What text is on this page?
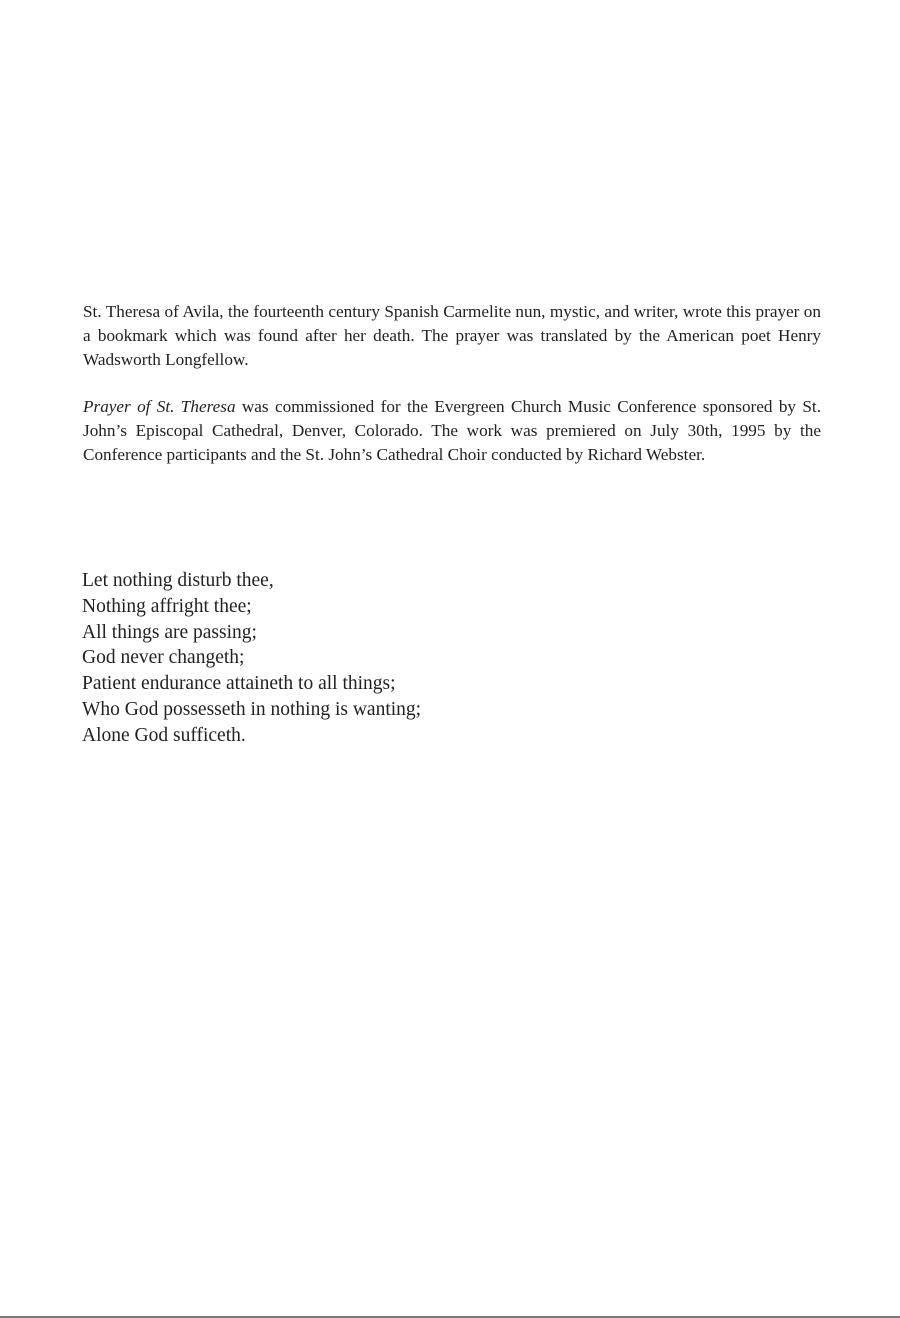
St. Theresa of Avila, the fourteenth century Spanish Carmelite nun, mystic, and writer, wrote this prayer on a bookmark which was found after her death. The prayer was translated by the American poet Henry Wadsworth Longfellow.

Prayer of St. Theresa was commissioned for the Evergreen Church Music Conference sponsored by St. John’s Episcopal Cathedral, Denver, Colorado. The work was premiered on July 30th, 1995 by the Conference participants and the St. John’s Cathedral Choir conducted by Richard Webster.

Let nothing disturb thee,
Nothing affright thee;
All things are passing;
God never changeth;
Patient endurance attaineth to all things;
Who God possesseth in nothing is wanting;
Alone God sufficeth.
